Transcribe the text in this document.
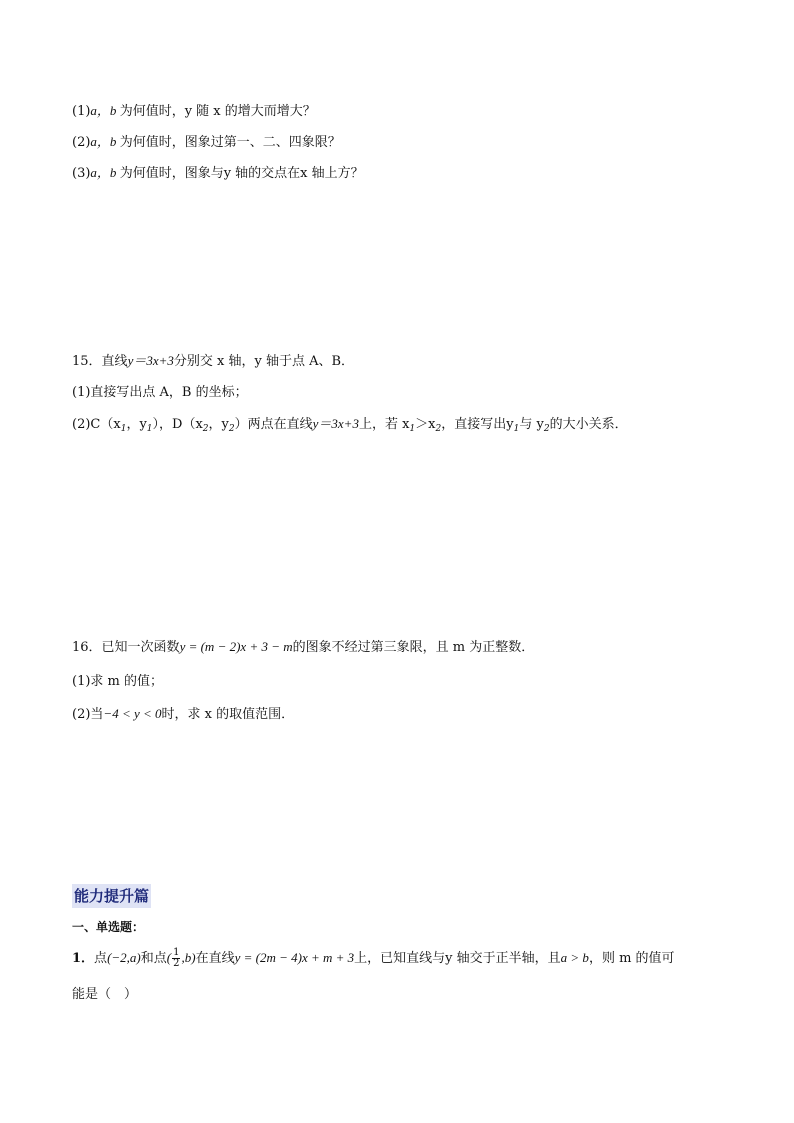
(1)a，b 为何值时，y 随 x 的增大而增大？
(2)a，b 为何值时，图象过第一、二、四象限？
(3)a，b 为何值时，图象与y 轴的交点在x 轴上方？
15．直线y＝3x+3分别交 x 轴，y 轴于点 A、B．
(1)直接写出点 A，B 的坐标；
$(2)C(x_1$，$y_1$），$D(x_2$，$y_2$）两点在直线y＝3x+3上，若 $x_1>x_2$，直接写出$y_1$与 $y_2$的大小关系．
16．已知一次函数y = (m − 2)x + 3 − m的图象不经过第三象限，且 m 为正整数．
(1)求 m 的值；
(2)当−4 < y < 0时，求 x 的取值范围．
能力提升篇
一、单选题：
1．点(−2,a)和点( $\frac{1}{2} ,b$)在直线y = (2m − 4)x + m + 3上，已知直线与y 轴交于正半轴，且a > b，则 m 的值可
能是（　）
